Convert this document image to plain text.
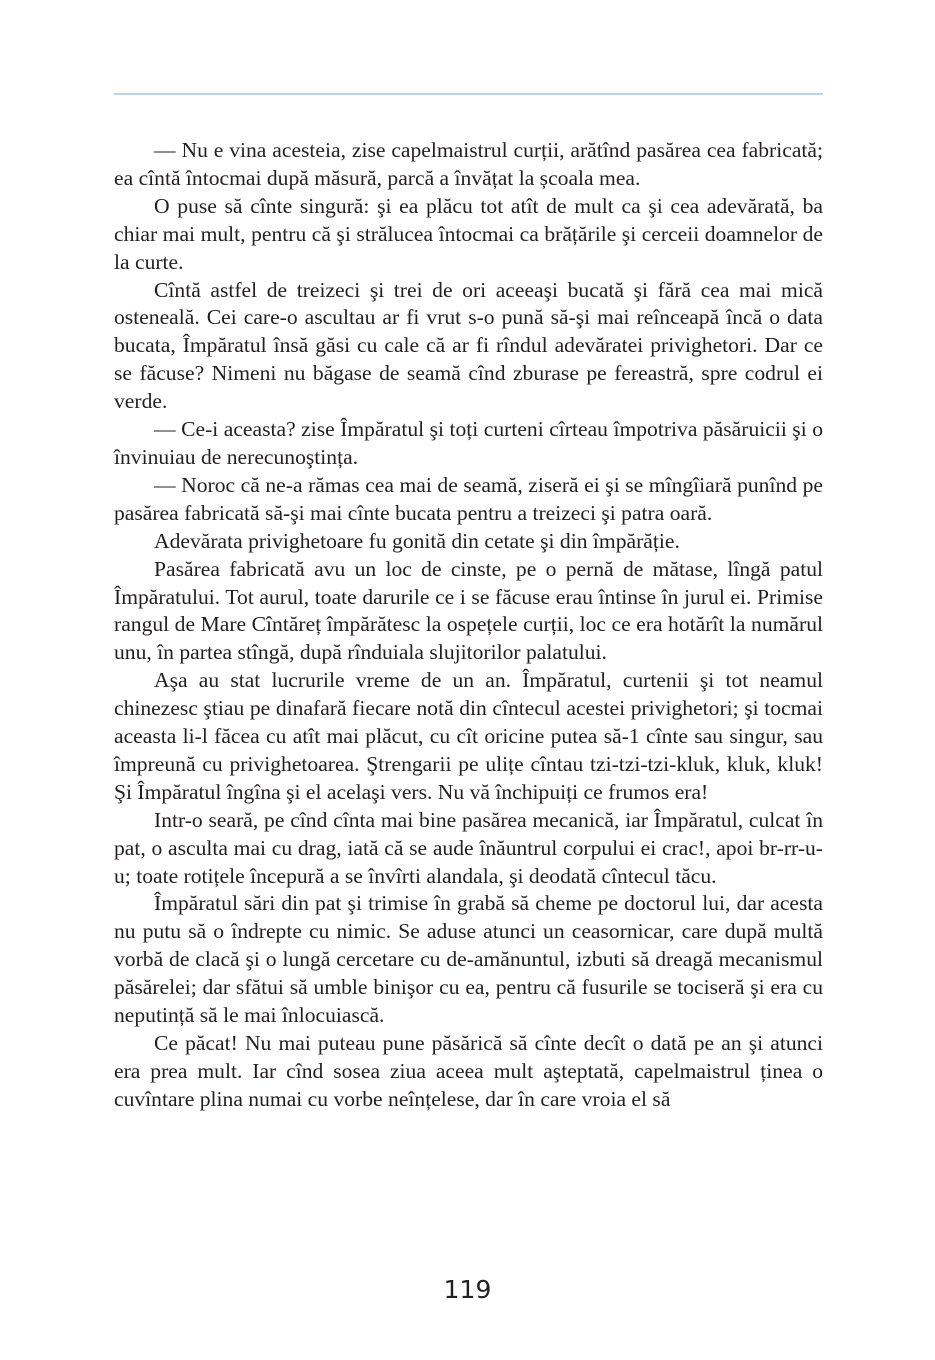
— Nu e vina acesteia, zise capelmaistrul curții, arătînd pasărea cea fabricată; ea cîntă întocmai după măsură, parcă a învățat la școala mea.

O puse să cînte singură: şi ea plăcu tot atît de mult ca şi cea adevărată, ba chiar mai mult, pentru că şi strălucea întocmai ca brățările şi cerceii doamnelor de la curte.

Cîntă astfel de treizeci şi trei de ori aceeaşi bucată şi fără cea mai mică osteneală. Cei care-o ascultau ar fi vrut s-o pună să-şi mai reînceapă încă o data bucata, Împăratul însă găsi cu cale că ar fi rîndul adevăratei privighetori. Dar ce se făcuse? Nimeni nu băgase de seamă cînd zburase pe fereastră, spre codrul ei verde.

— Ce-i aceasta? zise Împăratul şi toți curteni cîrteau împotriva păsăruicii şi o învinuiau de nerecunoştința.

— Noroc că ne-a rămas cea mai de seamă, ziseră ei şi se mîngîiară punînd pe pasărea fabricată să-şi mai cînte bucata pentru a treizeci şi patra oară.

Adevărata privighetoare fu gonită din cetate şi din împărăție.

Pasărea fabricată avu un loc de cinste, pe o pernă de mătase, lîngă patul Împăratului. Tot aurul, toate darurile ce i se făcuse erau întinse în jurul ei. Primise rangul de Mare Cîntăreț împărătesc la ospețele curții, loc ce era hotărît la numărul unu, în partea stîngă, după rînduiala slujitorilor palatului.

Aşa au stat lucrurile vreme de un an. Împăratul, curtenii şi tot neamul chinezesc ştiau pe dinafară fiecare notă din cîntecul acestei privighetori; şi tocmai aceasta li-l făcea cu atît mai plăcut, cu cît oricine putea să-1 cînte sau singur, sau împreună cu privighetoarea. Ştrengarii pe ulițe cîntau tzi-tzi-tzi-kluk, kluk, kluk! Şi Împăratul îngîna şi el acelaşi vers. Nu vă închipuiți ce frumos era!

Intr-o seară, pe cînd cînta mai bine pasărea mecanică, iar Împăratul, culcat în pat, o asculta mai cu drag, iată că se aude înăuntrul corpului ei crac!, apoi br-rr-u-u; toate rotițele începură a se învîrti alandala, şi deodată cîntecul tăcu.

Împăratul sări din pat şi trimise în grabă să cheme pe doctorul lui, dar acesta nu putu să o îndrepte cu nimic. Se aduse atunci un ceasornicar, care după multă vorbă de clacă şi o lungă cercetare cu de-amănuntul, izbuti să dreagă mecanismul păsărelei; dar sfătui să umble binişor cu ea, pentru că fusurile se tociseră şi era cu neputință să le mai înlocuiască.

Ce păcat! Nu mai puteau pune păsărică să cînte decît o dată pe an şi atunci era prea mult. Iar cînd sosea ziua aceea mult aşteptată, capelmaistrul ținea o cuvîntare plina numai cu vorbe neînțelese, dar în care vroia el să

119
